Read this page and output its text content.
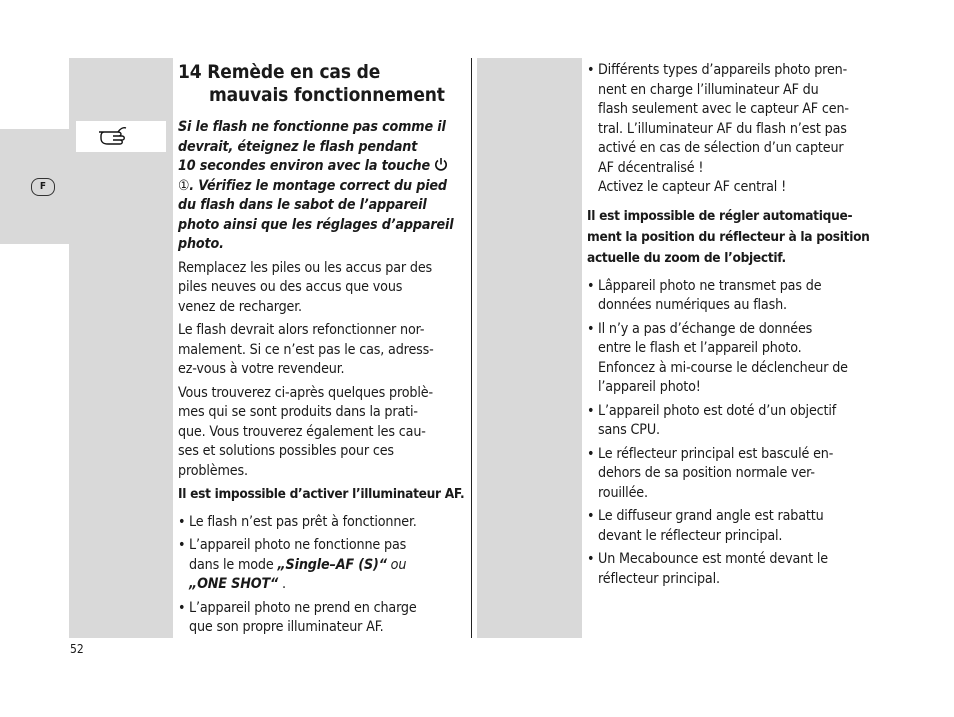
F
14 Remède en cas de
mauvais fonctionnement

Si le flash ne fonctionne pas comme il
devrait, éteignez le flash pendant
10 secondes environ avec la touche
①. Vérifiez le montage correct du pied
du flash dans le sabot de l’appareil
photo ainsi que les réglages d’appareil
photo.

Remplacez les piles ou les accus par des
piles neuves ou des accus que vous
venez de recharger.

Le flash devrait alors refonctionner nor-
malement. Si ce n’est pas le cas, adress-
ez-vous à votre revendeur.

Vous trouverez ci-après quelques problè-
mes qui se sont produits dans la prati-
que. Vous trouverez également les cau-
ses et solutions possibles pour ces
problèmes.

Il est impossible d’activer l’illuminateur AF.

• Le flash n’est pas prêt à fonctionner.
• L’appareil photo ne fonctionne pas
dans le mode „Single–AF (S)“ ou
„ONE SHOT“ .
• L’appareil photo ne prend en charge
que son propre illuminateur AF.
• Différents types d’appareils photo pren-
nent en charge l’illuminateur AF du
flash seulement avec le capteur AF cen-
tral. L’illuminateur AF du flash n’est pas
activé en cas de sélection d’un capteur
AF décentralisé !
Activez le capteur AF central !

Il est impossible de régler automatique-
ment la position du réflecteur à la position
actuelle du zoom de l’objectif.

• Lâppareil photo ne transmet pas de
données numériques au flash.
• Il n’y a pas d’échange de données
entre le flash et l’appareil photo.
Enfoncez à mi-course le déclencheur de
l’appareil photo!
• L’appareil photo est doté d’un objectif
sans CPU.
• Le réflecteur principal est basculé en-
dehors de sa position normale ver-
rouillée.
• Le diffuseur grand angle est rabattu
devant le réflecteur principal.
• Un Mecabounce est monté devant le
réflecteur principal.
52
